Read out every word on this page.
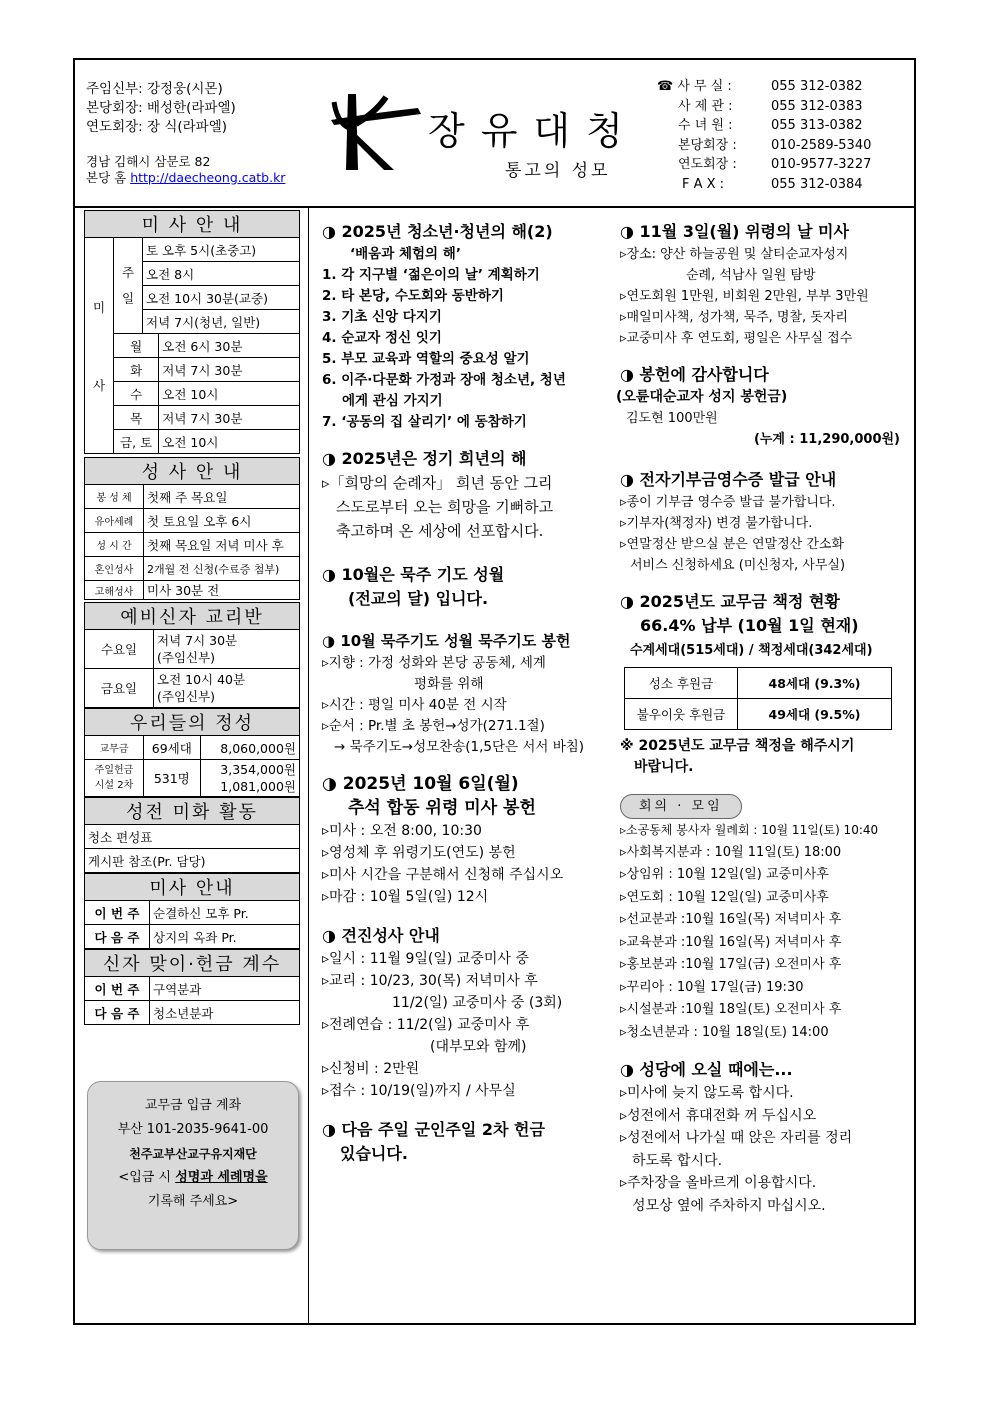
주임신부: 강정웅(시몬)
본당회장: 배성한(라파엘)
연도회장: 장 식(라파엘)
경남 김해시 삼문로 82
본당 홈 http://daecheong.catb.kr
장유대청
통고의 성모
☎ 사 무 실 :	055 312-0382
사 제 관 :	055 312-0383
수 녀 원 :	055 313-0382
본당회장 :	010-2589-5340
연도회장 :	010-9577-3227
F A X :	055 312-0384
미 사 안 내			
미

사	주일	토 오후 5시(초중고)	
		오전 8시	
		오전 10시 30분(교중)	
		저녁 7시(청년, 일반)	
	월		오전 6시 30분
	화		저녁 7시 30분
	수		오전 10시
	목		저녁 7시 30분
	금, 토		오전 10시
성 사 안 내	
봉 성 체	첫째 주 목요일
유아세례	첫 토요일 오후 6시
성 시 간	첫째 목요일 저녁 미사 후
혼인성사	2개월 전 신청(수료증 첨부)
고해성사	미사 30분 전
예비신자 교리반	
수요일	저녁 7시 30분
(주임신부)
금요일	오전 10시 40분
(주임신부)
우리들의 정성		
교무금	69세대	8,060,000원
주일헌금
시설 2차	531명	3,354,000원
1,081,000원
성전 미화 활동
청소 편성표
게시판 참조(Pr. 담당)
미사 안내	
이 번 주	순결하신 모후 Pr.
다 음 주	상지의 옥좌 Pr.
신자 맞이·헌금 계수	
이 번 주	구역분과
다 음 주	청소년분과
교무금 입금 계좌
부산 101-2035-9641-00
천주교부산교구유지재단
<입금 시 성명과 세례명을
기록해 주세요>
◑ 2025년 청소년·청년의 해(2)
‘배움과 체험의 해’
1. 각 지구별 ‘젊은이의 날’ 계획하기
2. 타 본당, 수도회와 동반하기
3. 기초 신앙 다지기
4. 순교자 정신 잇기
5. 부모 교육과 역할의 중요성 알기
6. 이주·다문화 가정과 장애 청소년, 청년
에게 관심 가지기
7. ‘공동의 집 살리기’ 에 동참하기
◑ 2025년은 정기 희년의 해
▹ 「희망의 순례자」 희년 동안 그리
스도로부터 오는 희망을 기뻐하고
축고하며 온 세상에 선포합시다.
◑ 10월은 묵주 기도 성월
(전교의 달) 입니다.
◑ 10월 묵주기도 성월 묵주기도 봉헌
▹ 지향 : 가정 성화와 본당 공동체, 세계
평화를 위해
▹ 시간 : 평일 미사 40분 전 시작
▹ 순서 : Pr.별 초 봉헌→성가(271.1절)
→ 묵주기도→성모찬송(1,5단은 서서 바침)
◑ 2025년 10월 6일(월)
추석 합동 위령 미사 봉헌
▹ 미사 : 오전 8:00, 10:30
▹ 영성체 후 위령기도(연도) 봉헌
▹ 미사 시간을 구분해서 신청해 주십시오
▹ 마감 : 10월 5일(일) 12시
◑ 견진성사 안내
▹ 일시 : 11월 9일(일) 교중미사 중
▹ 교리 : 10/23, 30(목) 저녁미사 후
11/2(일) 교중미사 중 (3회)
▹ 전례연습 : 11/2(일) 교중미사 후
(대부모와 함께)
▹ 신청비 : 2만원
▹ 접수 : 10/19(일)까지 / 사무실
◑ 다음 주일 군인주일 2차 헌금
있습니다.
◑ 11월 3일(월) 위령의 날 미사
▹ 장소: 양산 하늘공원 및 살티순교자성지
순례, 석남사 일원 탐방
▹ 연도회원 1만원, 비회원 2만원, 부부 3만원
▹ 매일미사책, 성가책, 묵주, 명찰, 돗자리
▹ 교중미사 후 연도회, 평일은 사무실 접수
◑ 봉헌에 감사합니다
(오륜대순교자 성지 봉헌금)
김도현 100만원
(누계 : 11,290,000원)
◑ 전자기부금영수증 발급 안내
▹ 종이 기부금 영수증 발급 불가합니다.
▹ 기부자(책정자) 변경 불가합니다.
▹ 연말정산 받으실 분은 연말정산 간소화
서비스 신청하세요 (미신청자, 사무실)
◑ 2025년도 교무금 책정 현황
66.4% 납부 (10월 1일 현재)
수계세대(515세대) / 책정세대(342세대)
성소 후원금	48세대 (9.3%)
불우이웃 후원금	49세대 (9.5%)
※ 2025년도 교무금 책정을 해주시기
바랍니다.
회의 · 모임
▹ 소공동체 봉사자 월례회 : 10월 11일(토) 10:40
▹ 사회복지분과 : 10월 11일(토) 18:00
▹ 상임위 : 10월 12일(일) 교중미사후
▹ 연도회 : 10월 12일(일) 교중미사후
▹ 선교분과 :10월 16일(목) 저녁미사 후
▹ 교육분과 :10월 16일(목) 저녁미사 후
▹ 홍보분과 :10월 17일(금) 오전미사 후
▹ 꾸리아 : 10월 17일(금) 19:30
▹ 시설분과 :10월 18일(토) 오전미사 후
▹ 청소년분과 : 10월 18일(토) 14:00
◑ 성당에 오실 때에는...
▹ 미사에 늦지 않도록 합시다.
▹ 성전에서 휴대전화 꺼 두십시오
▹ 성전에서 나가실 때 앉은 자리를 정리
하도록 합시다.
▹ 주차장을 올바르게 이용합시다.
성모상 옆에 주차하지 마십시오.
